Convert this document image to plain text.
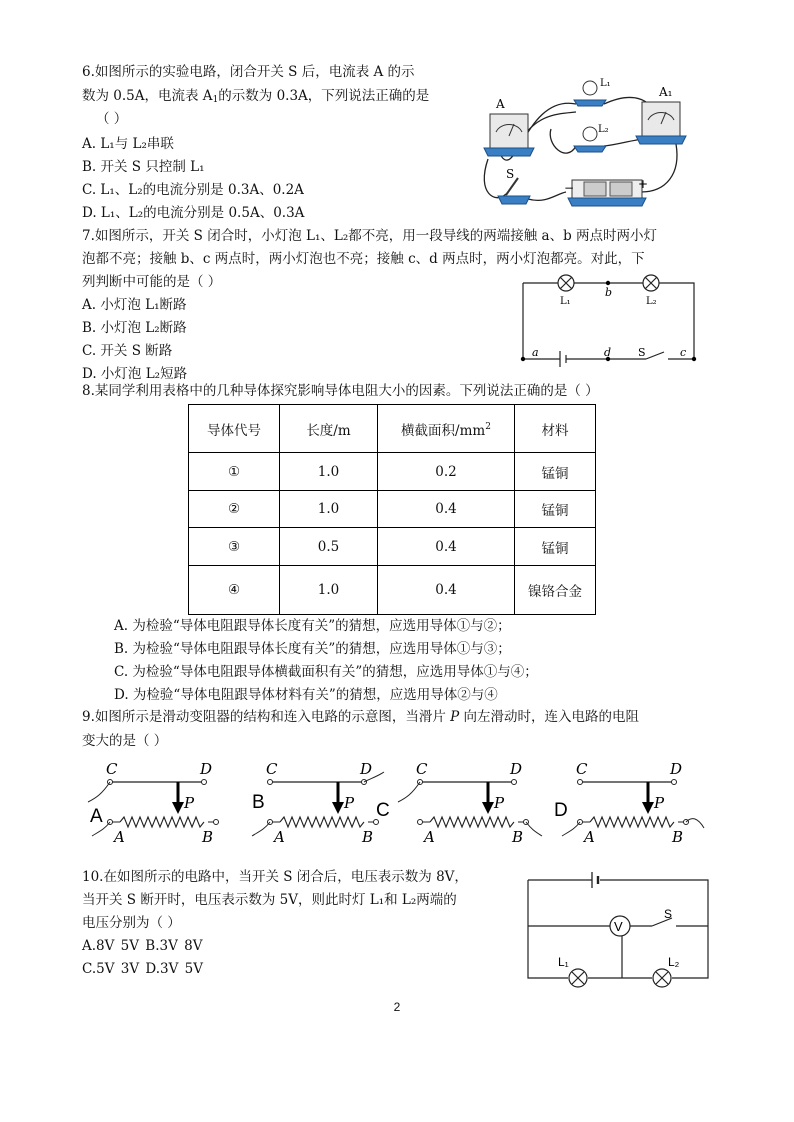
6.如图所示的实验电路，闭合开关 S 后，电流表 A 的示
数为 0.5A，电流表 $A_1$的示数为 0.3A，下列说法正确的是
（ ）
A. L₁与 L₂串联
B. 开关 S 只控制 L₁
C. L₁、L₂的电流分别是 0.3A、0.2A
D. L₁、L₂的电流分别是 0.5A、0.3A
A
A₁
L₁
L₂
S
−	+
7.如图所示，开关 S 闭合时，小灯泡 L₁、L₂都不亮，用一段导线的两端接触 a、b 两点时两小灯
泡都不亮；接触 b、c 两点时，两小灯泡也不亮；接触 c、d 两点时，两小灯泡都亮。对此，下
列判断中可能的是（ ）
A. 小灯泡 L₁断路
B. 小灯泡 L₂断路
C. 开关 S 断路
D. 小灯泡 L₂短路
L₁	L₂
b
a	d S	c
8.某同学利用表格中的几种导体探究影响导体电阻大小的因素。下列说法正确的是（ ）
导体代号	长度/m	横截面积$/mm^2$	材料
①	1.0	0.2	锰铜
②	1.0	0.4	锰铜
③	0.5	0.4	锰铜
④	1.0	0.4	镍铬合金
A. 为检验“导体电阻跟导体长度有关”的猜想，应选用导体①与②；
B. 为检验“导体电阻跟导体长度有关”的猜想，应选用导体①与③；
C. 为检验“导体电阻跟导体横截面积有关”的猜想，应选用导体①与④；
D. 为检验“导体电阻跟导体材料有关”的猜想，应选用导体②与④
9.如图所示是滑动变阻器的结构和连入电路的示意图，当滑片 P 向左滑动时，连入电路的电阻
变大的是（ ）
C	D
P
A	B
C	D
P
A	B
C	D
P
A	B
C	D
P
A	B
A
B	C	D
10.在如图所示的电路中，当开关 S 闭合后，电压表示数为 8V，
当开关 S 断开时，电压表示数为 5V，则此时灯 L₁和 L₂两端的
电压分别为（ ）
A.8V 5V B.3V 8V
C.5V 3V D.3V 5V
V
S
L₁	L₂
2
